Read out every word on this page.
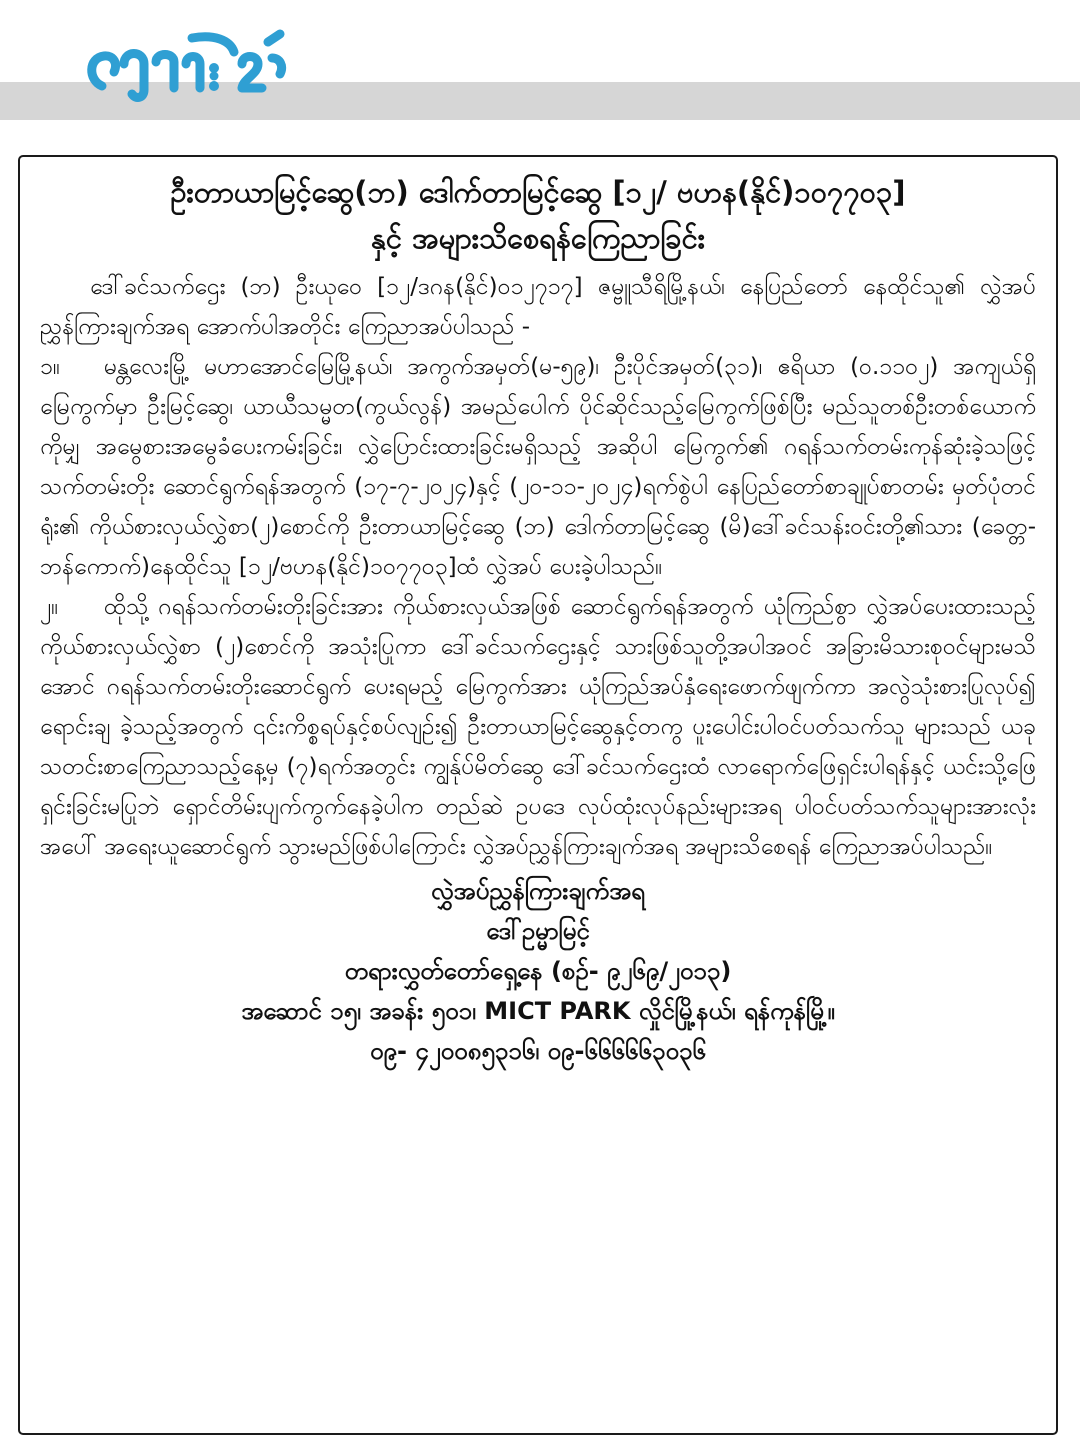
ဦးတာယာမြင့်ဆွေ(ဘ) ဒေါက်တာမြင့်ဆွေ [၁၂/ ဗဟန(နိုင်)၁၀၇၇၀၃]

နှင့် အများသိစေရန်ကြေညာခြင်း

ဒေါ်ခင်သက်ဌေး (ဘ) ဦးယုဝေ [၁၂/ဒဂန(နိုင်)၀၁၂၇၁၇] ဇမ္ဗူသီရိမြို့နယ်၊ နေပြည်တော် နေထိုင်သူ၏ လွှဲအပ်ညွှန်ကြားချက်အရ အောက်ပါအတိုင်း ကြေညာအပ်ပါသည် -

၁။ မန္တလေးမြို့ မဟာအောင်မြေမြို့နယ်၊ အကွက်အမှတ်(မ-၅၉)၊ ဦးပိုင်အမှတ်(၃၁)၊ ဧရိယာ (၀.၁၁၀၂) အကျယ်ရှိ မြေကွက်မှာ ဦးမြင့်ဆွေ၊ ယာယီသမ္မတ(ကွယ်လွန်) အမည်ပေါက် ပိုင်ဆိုင်သည့်မြေကွက်ဖြစ်ပြီး မည်သူတစ်ဦးတစ်ယောက်ကိုမျှ အမွေစားအမွေခံပေးကမ်းခြင်း၊ လွှဲပြောင်းထားခြင်းမရှိသည့် အဆိုပါ မြေကွက်၏ ဂရန်သက်တမ်းကုန်ဆုံးခဲ့သဖြင့် သက်တမ်းတိုး ဆောင်ရွက်ရန်အတွက် (၁၇-၇-၂၀၂၄)နှင့် (၂၀-၁၁-၂၀၂၄)ရက်စွဲပါ နေပြည်တော်စာချုပ်စာတမ်း မှတ်ပုံတင်ရုံး၏ ကိုယ်စားလှယ်လွှဲစာ(၂)စောင်ကို ဦးတာယာမြင့်ဆွေ (ဘ) ဒေါက်တာမြင့်ဆွေ (မိ)ဒေါ်ခင်သန်းဝင်းတို့၏သား (ခေတ္တ-ဘန်ကောက်)နေထိုင်သူ [၁၂/ဗဟန(နိုင်)၁၀၇၇၀၃]ထံ လွှဲအပ် ပေးခဲ့ပါသည်။

၂။ ထိုသို့ ဂရန်သက်တမ်းတိုးခြင်းအား ကိုယ်စားလှယ်အဖြစ် ဆောင်ရွက်ရန်အတွက် ယုံကြည်စွာ လွှဲအပ်ပေးထားသည့် ကိုယ်စားလှယ်လွှဲစာ (၂)စောင်ကို အသုံးပြုကာ ဒေါ်ခင်သက်ဌေးနှင့် သားဖြစ်သူတို့အပါအဝင် အခြားမိသားစုဝင်များမသိအောင် ဂရန်သက်တမ်းတိုးဆောင်ရွက် ပေးရမည့် မြေကွက်အား ယုံကြည်အပ်နှံရေးဖောက်ဖျက်ကာ အလွဲသုံးစားပြုလုပ်၍ ရောင်းချ ခဲ့သည့်အတွက် ၎င်းကိစ္စရပ်နှင့်စပ်လျဉ်း၍ ဦးတာယာမြင့်ဆွေနှင့်တကွ ပူးပေါင်းပါဝင်ပတ်သက်သူ များသည် ယခုသတင်းစာကြေညာသည့်နေ့မှ (၇)ရက်အတွင်း ကျွန်ုပ်မိတ်ဆွေ ဒေါ်ခင်သက်ဌေးထံ လာရောက်ဖြေရှင်းပါရန်နှင့် ယင်းသို့ဖြေရှင်းခြင်းမပြုဘဲ ရှောင်တိမ်းပျက်ကွက်နေခဲ့ပါက တည်ဆဲ ဥပဒေ လုပ်ထုံးလုပ်နည်းများအရ ပါဝင်ပတ်သက်သူများအားလုံးအပေါ် အရေးယူဆောင်ရွက် သွားမည်ဖြစ်ပါကြောင်း လွှဲအပ်ညွှန်ကြားချက်အရ အများသိစေရန် ကြေညာအပ်ပါသည်။

လွှဲအပ်ညွှန်ကြားချက်အရ
ဒေါ်ဥမ္မာမြင့်
တရားလွှတ်တော်ရှေ့နေ (စဉ်- ၉၂၆၉/၂၀၁၃)
အဆောင် ၁၅၊ အခန်း ၅၀၁၊ MICT PARK လှိုင်မြို့နယ်၊ ရန်ကုန်မြို့။
၀၉- ၄၂၀၀၈၅၃၁၆၊ ၀၉-၆၆၆၆၆၃၀၃၆
